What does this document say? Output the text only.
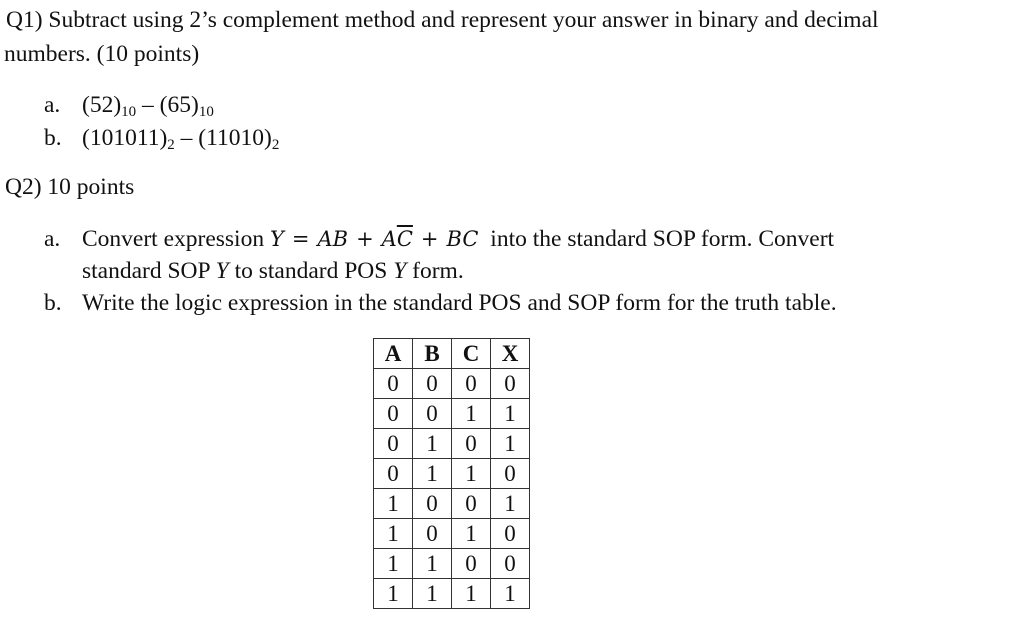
Q1) Subtract using 2’s complement method and represent your answer in binary and decimal
numbers. (10 points)
a. $(52)_{10} - (65)_{10}$
b. $(101011)_2 - (11010)_2$
Q2) 10 points
a. Convert expression Y = AB + $A\overline{C}$ + BC into the standard SOP form. Convert
standard SOP Y to standard POS Y form.
b. Write the logic expression in the standard POS and SOP form for the truth table.
A	B	C	X
0	0	0	0
0	0	1	1
0	1	0	1
0	1	1	0
1	0	0	1
1	0	1	0
1	1	0	0
1	1	1	1
